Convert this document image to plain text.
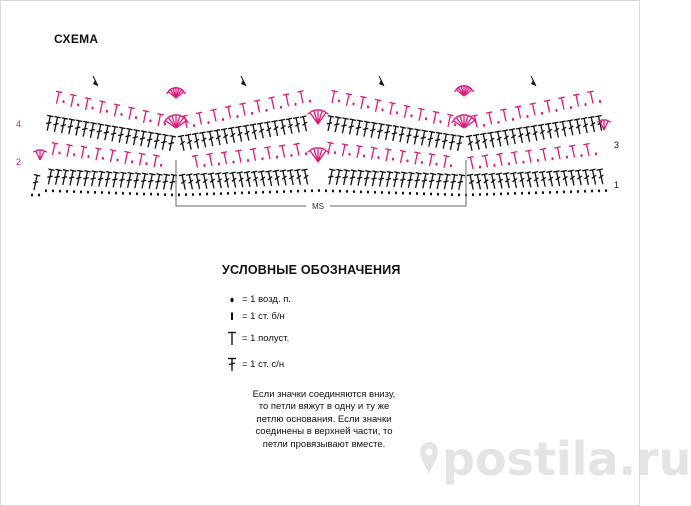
СХЕМА
MS
4
2
3
1
УСЛОВНЫЕ ОБОЗНАЧЕНИЯ
= 1 возд. п.
= 1 ст. б/н
= 1 полуст.
= 1 ст. с/н
Если значки соединяются внизу,
то петли вяжут в одну и ту же
петлю основания. Если значки
соединены в верхней части, то
петли провязывают вместе.	postila.ru
